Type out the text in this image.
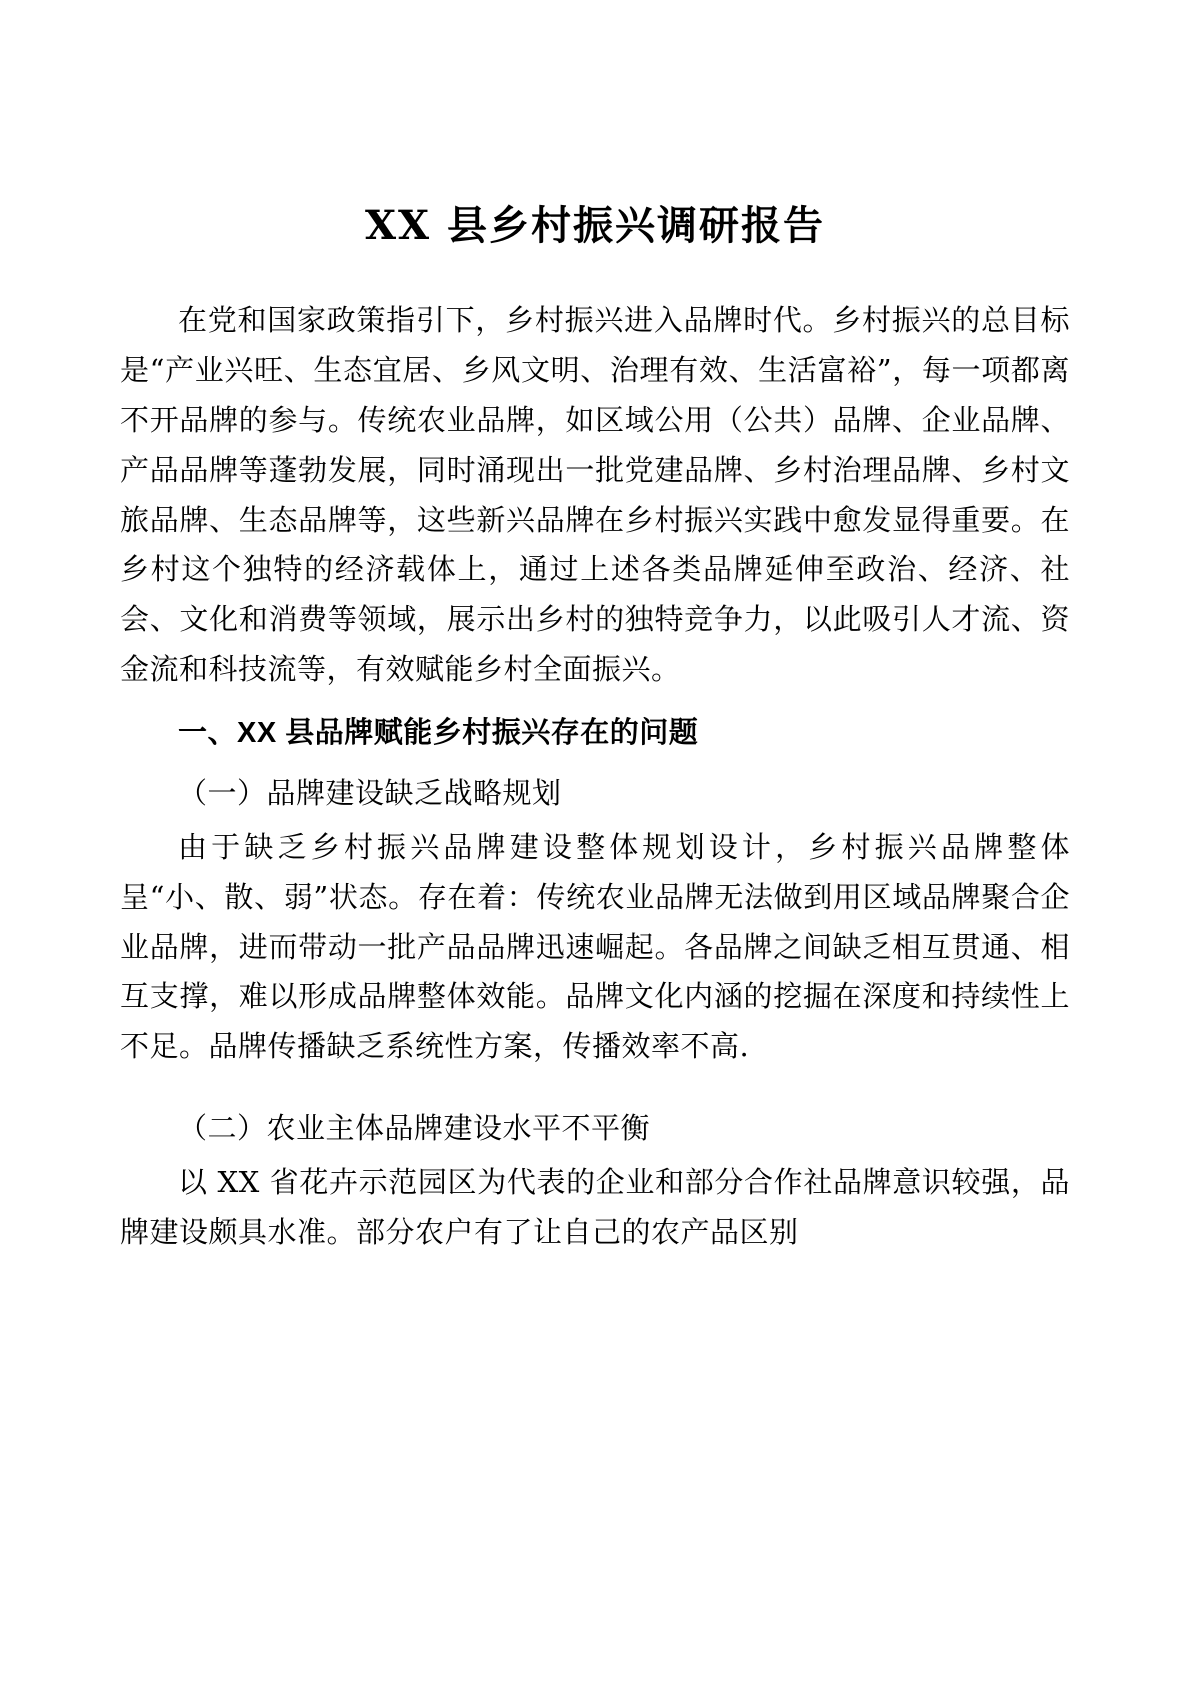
XX 县乡村振兴调研报告

在党和国家政策指引下，乡村振兴进入品牌时代。乡村振兴的总目标是“产业兴旺、生态宜居、乡风文明、治理有效、生活富裕”，每一项都离不开品牌的参与。传统农业品牌，如区域公用（公共）品牌、企业品牌、产品品牌等蓬勃发展，同时涌现出一批党建品牌、乡村治理品牌、乡村文旅品牌、生态品牌等，这些新兴品牌在乡村振兴实践中愈发显得重要。在乡村这个独特的经济载体上，通过上述各类品牌延伸至政治、经济、社会、文化和消费等领域，展示出乡村的独特竞争力，以此吸引人才流、资金流和科技流等，有效赋能乡村全面振兴。

一、XX 县品牌赋能乡村振兴存在的问题
（一）品牌建设缺乏战略规划

由于缺乏乡村振兴品牌建设整体规划设计，乡村振兴品牌整体呈“小、散、弱”状态。存在着：传统农业品牌无法做到用区域品牌聚合企业品牌，进而带动一批产品品牌迅速崛起。各品牌之间缺乏相互贯通、相互支撑，难以形成品牌整体效能。品牌文化内涵的挖掘在深度和持续性上不足。品牌传播缺乏系统性方案，传播效率不高.

（二）农业主体品牌建设水平不平衡

以 XX 省花卉示范园区为代表的企业和部分合作社品牌意识较强，品牌建设颇具水准。部分农户有了让自己的农产品区别
